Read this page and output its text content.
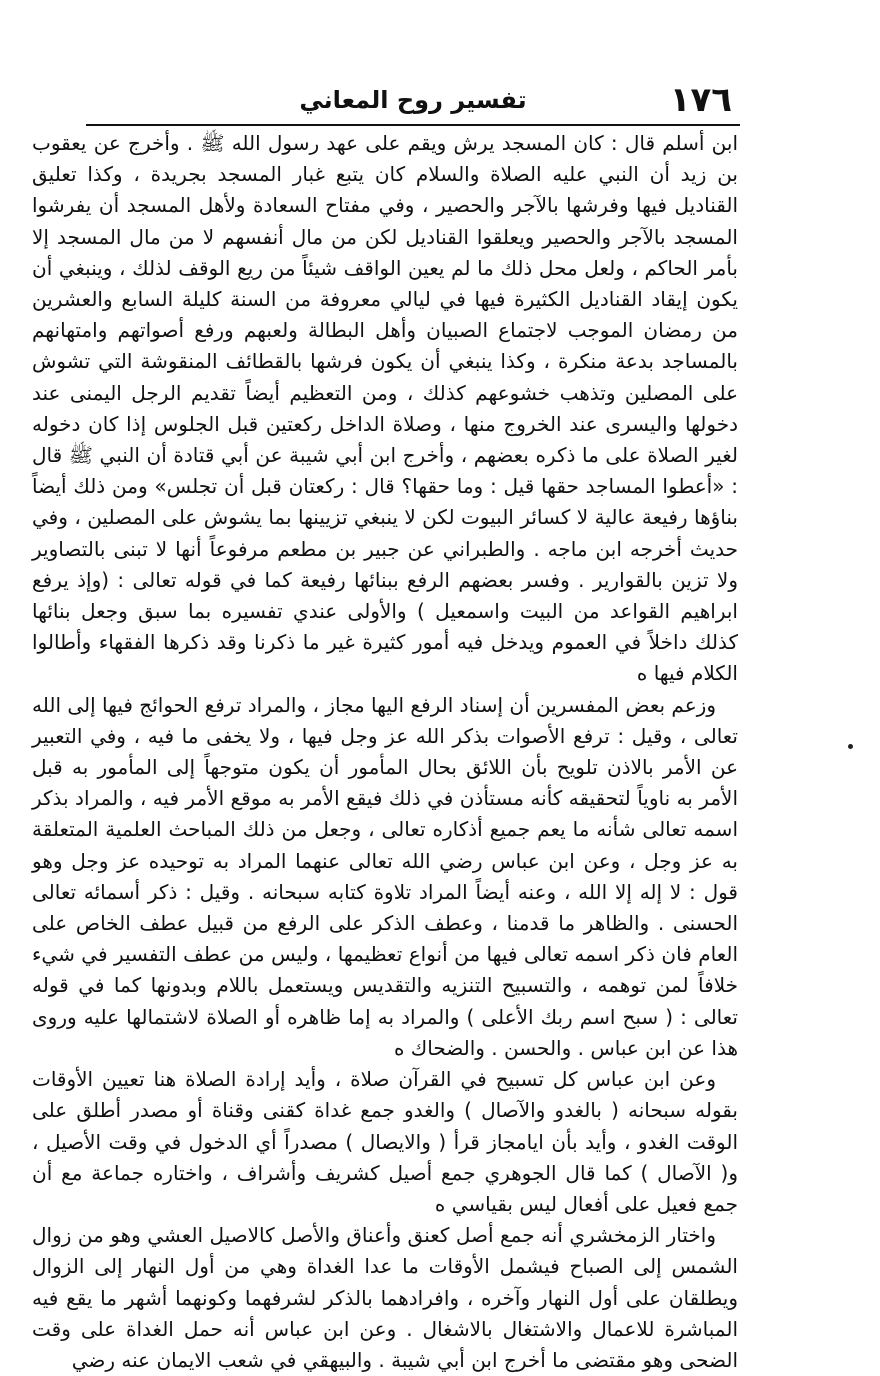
١٧٦
تفسير روح المعاني

ابن أسلم قال : كان المسجد يرش ويقم على عهد رسول الله ﷺ . وأخرج عن يعقوب بن زيد أن النبي عليه الصلاة والسلام كان يتبع غبار المسجد بجريدة ، وكذا تعليق القناديل فيها وفرشها بالآجر والحصير ، وفي مفتاح السعادة ولأهل المسجد أن يفرشوا المسجد بالآجر والحصير ويعلقوا القناديل لكن من مال أنفسهم لا من مال المسجد إلا بأمر الحاكم ، ولعل محل ذلك ما لم يعين الواقف شيئاً من ريع الوقف لذلك ، وينبغي أن يكون إيقاد القناديل الكثيرة فيها في ليالي معروفة من السنة كليلة السابع والعشرين من رمضان الموجب لاجتماع الصبيان وأهل البطالة ولعبهم ورفع أصواتهم وامتهانهم بالمساجد بدعة منكرة ، وكذا ينبغي أن يكون فرشها بالقطائف المنقوشة التي تشوش على المصلين وتذهب خشوعهم كذلك ، ومن التعظيم أيضاً تقديم الرجل اليمنى عند دخولها واليسرى عند الخروج منها ، وصلاة الداخل ركعتين قبل الجلوس إذا كان دخوله لغير الصلاة على ما ذكره بعضهم ، وأخرج ابن أبي شيبة عن أبي قتادة أن النبي ﷺ قال : «أعطوا المساجد حقها قيل : وما حقها؟ قال : ركعتان قبل أن تجلس» ومن ذلك أيضاً بناؤها رفيعة عالية لا كسائر البيوت لكن لا ينبغي تزيينها بما يشوش على المصلين ، وفي حديث أخرجه ابن ماجه . والطبراني عن جبير بن مطعم مرفوعاً أنها لا تبنى بالتصاوير ولا تزين بالقوارير . وفسر بعضهم الرفع ببنائها رفيعة كما في قوله تعالى : (وإذ يرفع ابراهيم القواعد من البيت واسمعيل ) والأولى عندي تفسيره بما سبق وجعل بنائها كذلك داخلاً في العموم ويدخل فيه أمور كثيرة غير ما ذكرنا وقد ذكرها الفقهاء وأطالوا الكلام فيها ه

وزعم بعض المفسرين أن إسناد الرفع اليها مجاز ، والمراد ترفع الحوائج فيها إلى الله تعالى ، وقيل : ترفع الأصوات بذكر الله عز وجل فيها ، ولا يخفى ما فيه ، وفي التعبير عن الأمر بالاذن تلويح بأن اللائق بحال المأمور أن يكون متوجهاً إلى المأمور به قبل الأمر به ناوياً لتحقيقه كأنه مستأذن في ذلك فيقع الأمر به موقع الأمر فيه ، والمراد بذكر اسمه تعالى شأنه ما يعم جميع أذكاره تعالى ، وجعل من ذلك المباحث العلمية المتعلقة به عز وجل ، وعن ابن عباس رضي الله تعالى عنهما المراد به توحيده عز وجل وهو قول : لا إله إلا الله ، وعنه أيضاً المراد تلاوة كتابه سبحانه . وقيل : ذكر أسمائه تعالى الحسنى . والظاهر ما قدمنا ، وعطف الذكر على الرفع من قبيل عطف الخاص على العام فان ذكر اسمه تعالى فيها من أنواع تعظيمها ، وليس من عطف التفسير في شيء خلافاً لمن توهمه ، والتسبيح التنزيه والتقديس ويستعمل باللام وبدونها كما في قوله تعالى : ( سبح اسم ربك الأعلى ) والمراد به إما ظاهره أو الصلاة لاشتمالها عليه وروى هذا عن ابن عباس . والحسن . والضحاك ه

وعن ابن عباس كل تسبيح في القرآن صلاة ، وأيد إرادة الصلاة هنا تعيين الأوقات بقوله سبحانه ( بالغدو والآصال ) والغدو جمع غداة كقنى وقناة أو مصدر أطلق على الوقت الغدو ، وأيد بأن ايامجاز قرأ ( والايصال ) مصدراً أي الدخول في وقت الأصيل ، و( الآصال ) كما قال الجوهري جمع أصيل كشريف وأشراف ، واختاره جماعة مع أن جمع فعيل على أفعال ليس بقياسي ه

واختار الزمخشري أنه جمع أصل كعنق وأعناق والأصل كالاصيل العشي وهو من زوال الشمس إلى الصباح فيشمل الأوقات ما عدا الغداة وهي من أول النهار إلى الزوال ويطلقان على أول النهار وآخره ، وافرادهما بالذكر لشرفهما وكونهما أشهر ما يقع فيه المباشرة للاعمال والاشتغال بالاشغال . وعن ابن عباس أنه حمل الغداة على وقت الضحى وهو مقتضى ما أخرج ابن أبي شيبة . والبيهقي في شعب الايمان عنه رضي
